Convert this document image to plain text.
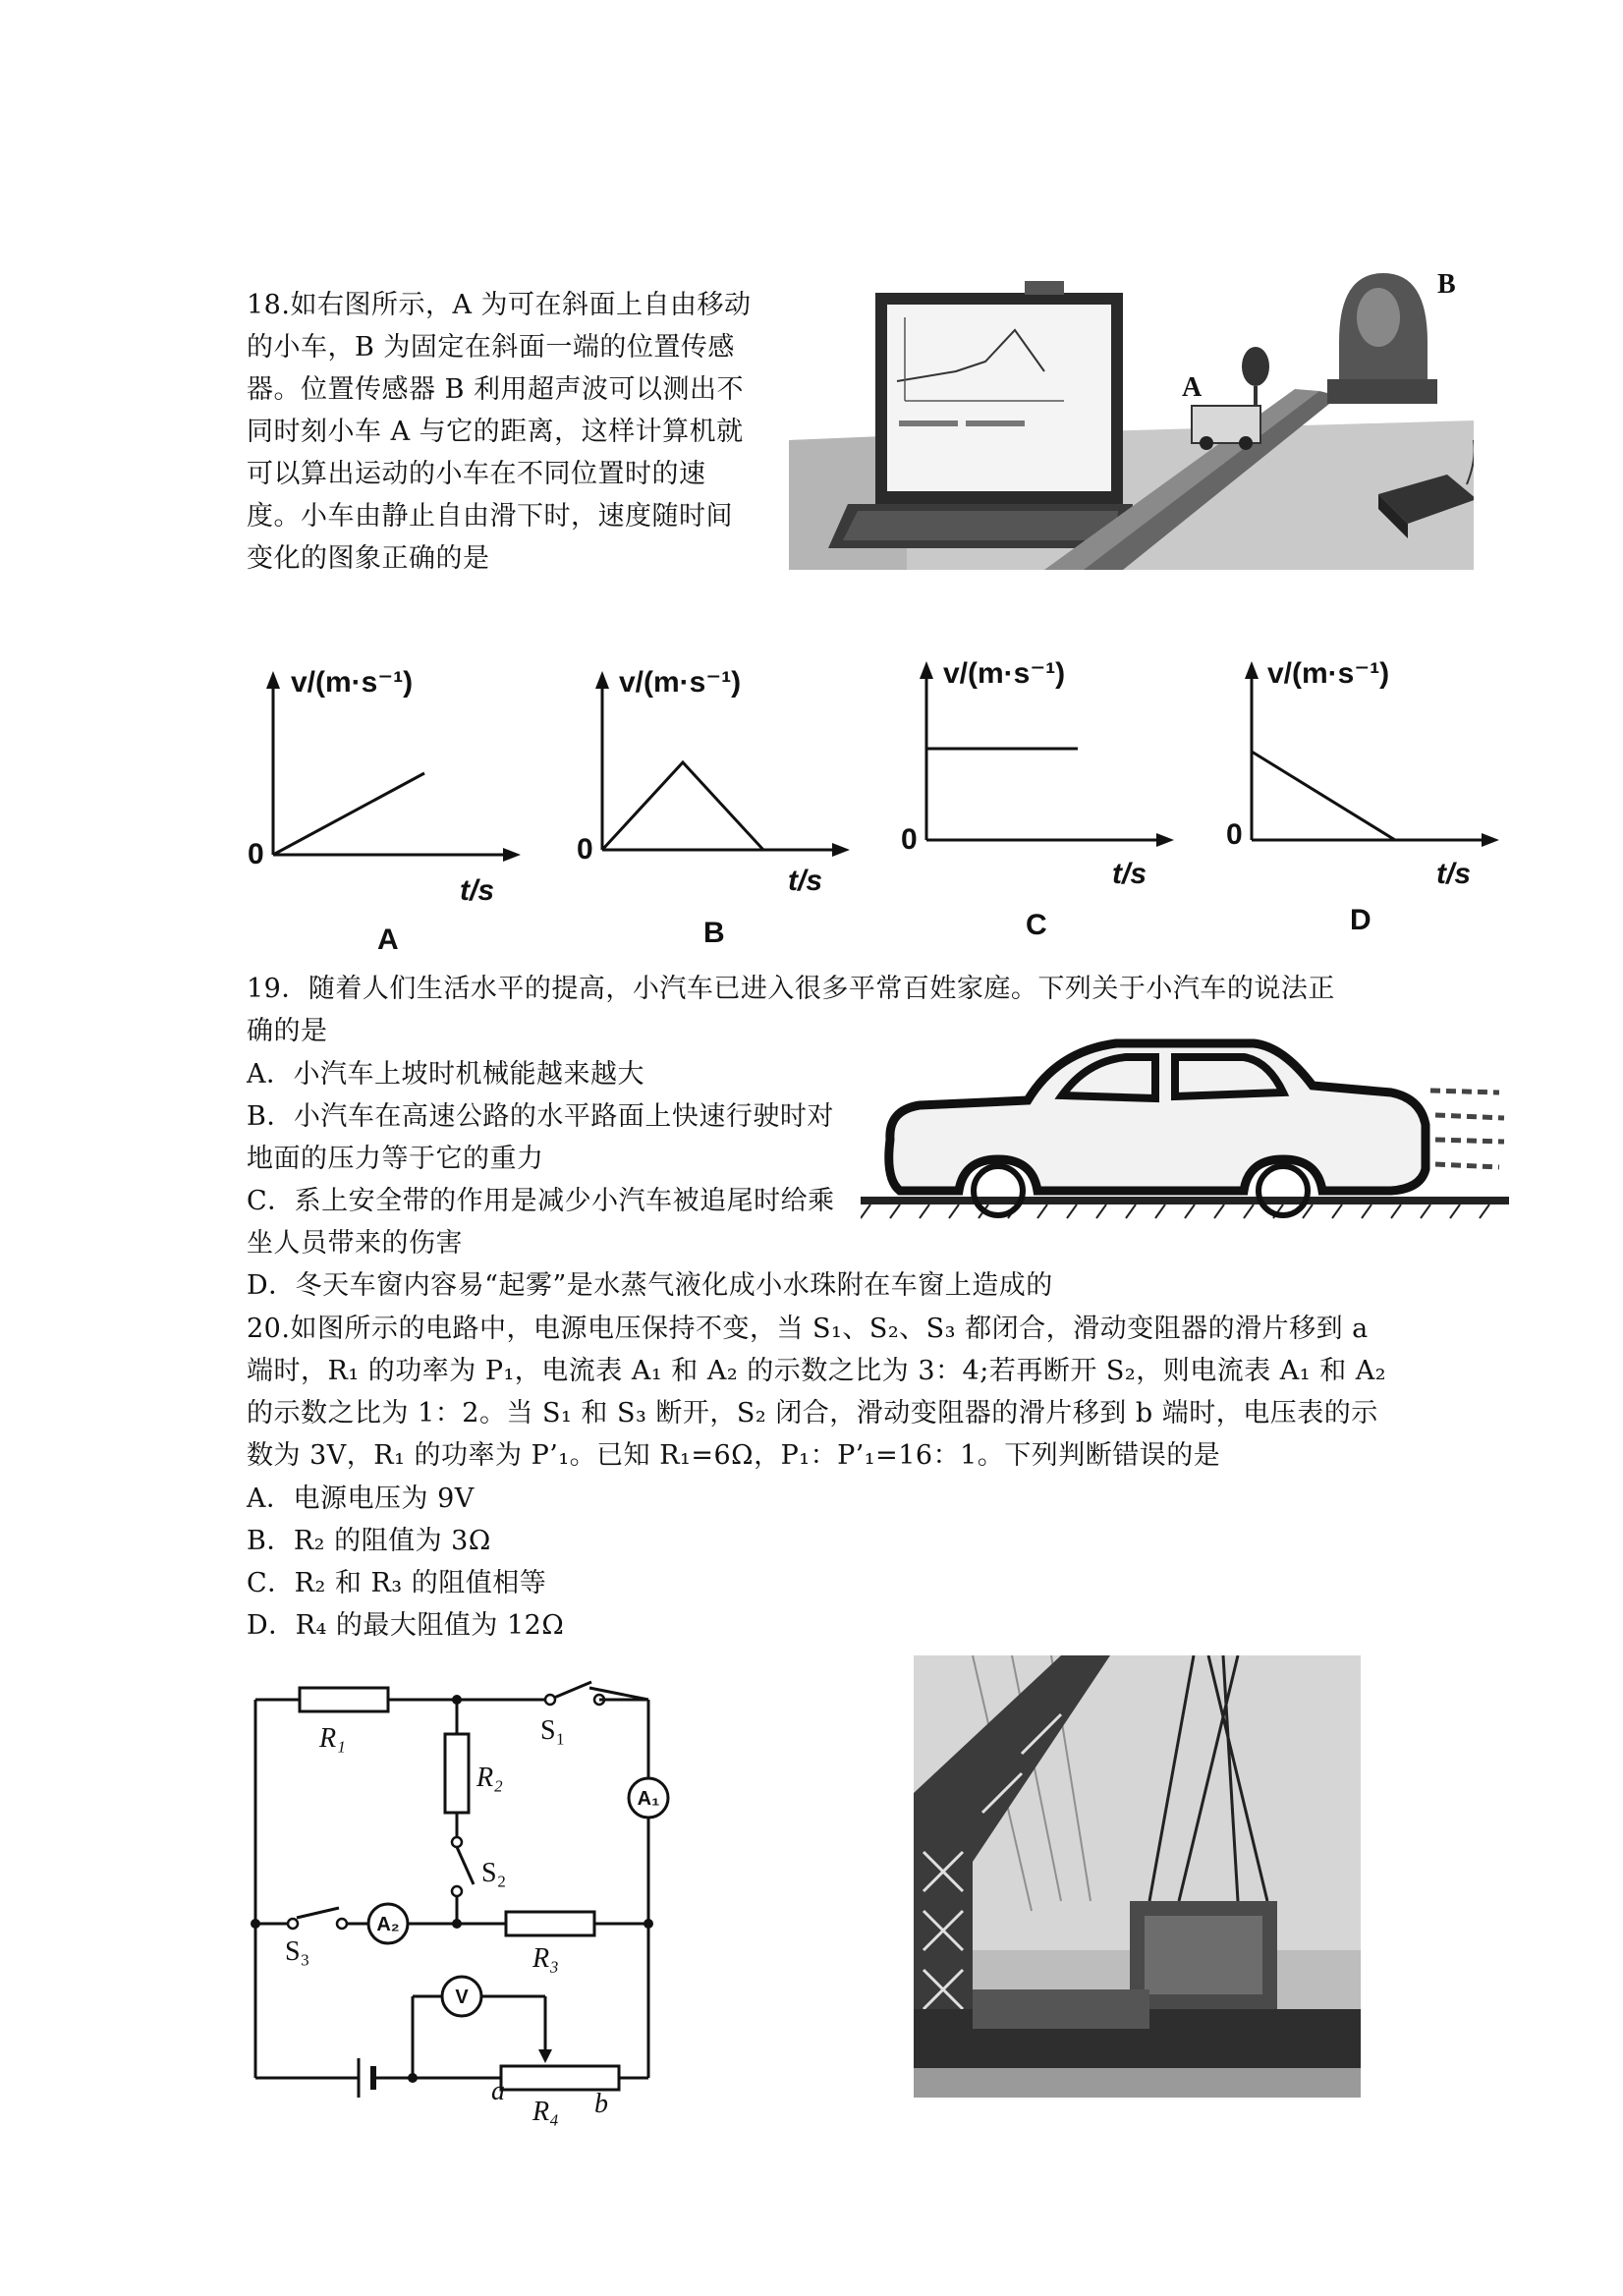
18.如右图所示，A 为可在斜面上自由移动
的小车，B 为固定在斜面一端的位置传感
器。位置传感器 B 利用超声波可以测出不
同时刻小车 A 与它的距离，这样计算机就
可以算出运动的小车在不同位置时的速
度。小车由静止自由滑下时，速度随时间
变化的图象正确的是
A
B
0
v/(m·s⁻¹)
t/s
A
0
v/(m·s⁻¹)
t/s
B
0
v/(m·s⁻¹)
t/s
C
0
v/(m·s⁻¹)
t/s
D
19．随着人们生活水平的提高，小汽车已进入很多平常百姓家庭。下列关于小汽车的说法正
确的是
A．小汽车上坡时机械能越来越大
B．小汽车在高速公路的水平路面上快速行驶时对
地面的压力等于它的重力
C．系上安全带的作用是减少小汽车被追尾时给乘
坐人员带来的伤害
D．冬天车窗内容易“起雾”是水蒸气液化成小水珠附在车窗上造成的
20.如图所示的电路中，电源电压保持不变，当 S₁、S₂、S₃ 都闭合，滑动变阻器的滑片移到 a
端时，R₁ 的功率为 P₁，电流表 A₁ 和 A₂ 的示数之比为 3：4;若再断开 S₂，则电流表 A₁ 和 A₂
的示数之比为 1：2。当 S₁ 和 S₃ 断开，S₂ 闭合，滑动变阻器的滑片移到 b 端时，电压表的示
数为 3V，R₁ 的功率为 P’₁。已知 R₁=6Ω，P₁：P’₁=16：1。下列判断错误的是
A．电源电压为 9V
B．R₂ 的阻值为 3Ω
C．R₂ 和 R₃ 的阻值相等
D．R₄ 的最大阻值为 12Ω
R₁
R₂
R₃
R₄
S₂
S₃
a	b
S₁
A₁
A₂
V
